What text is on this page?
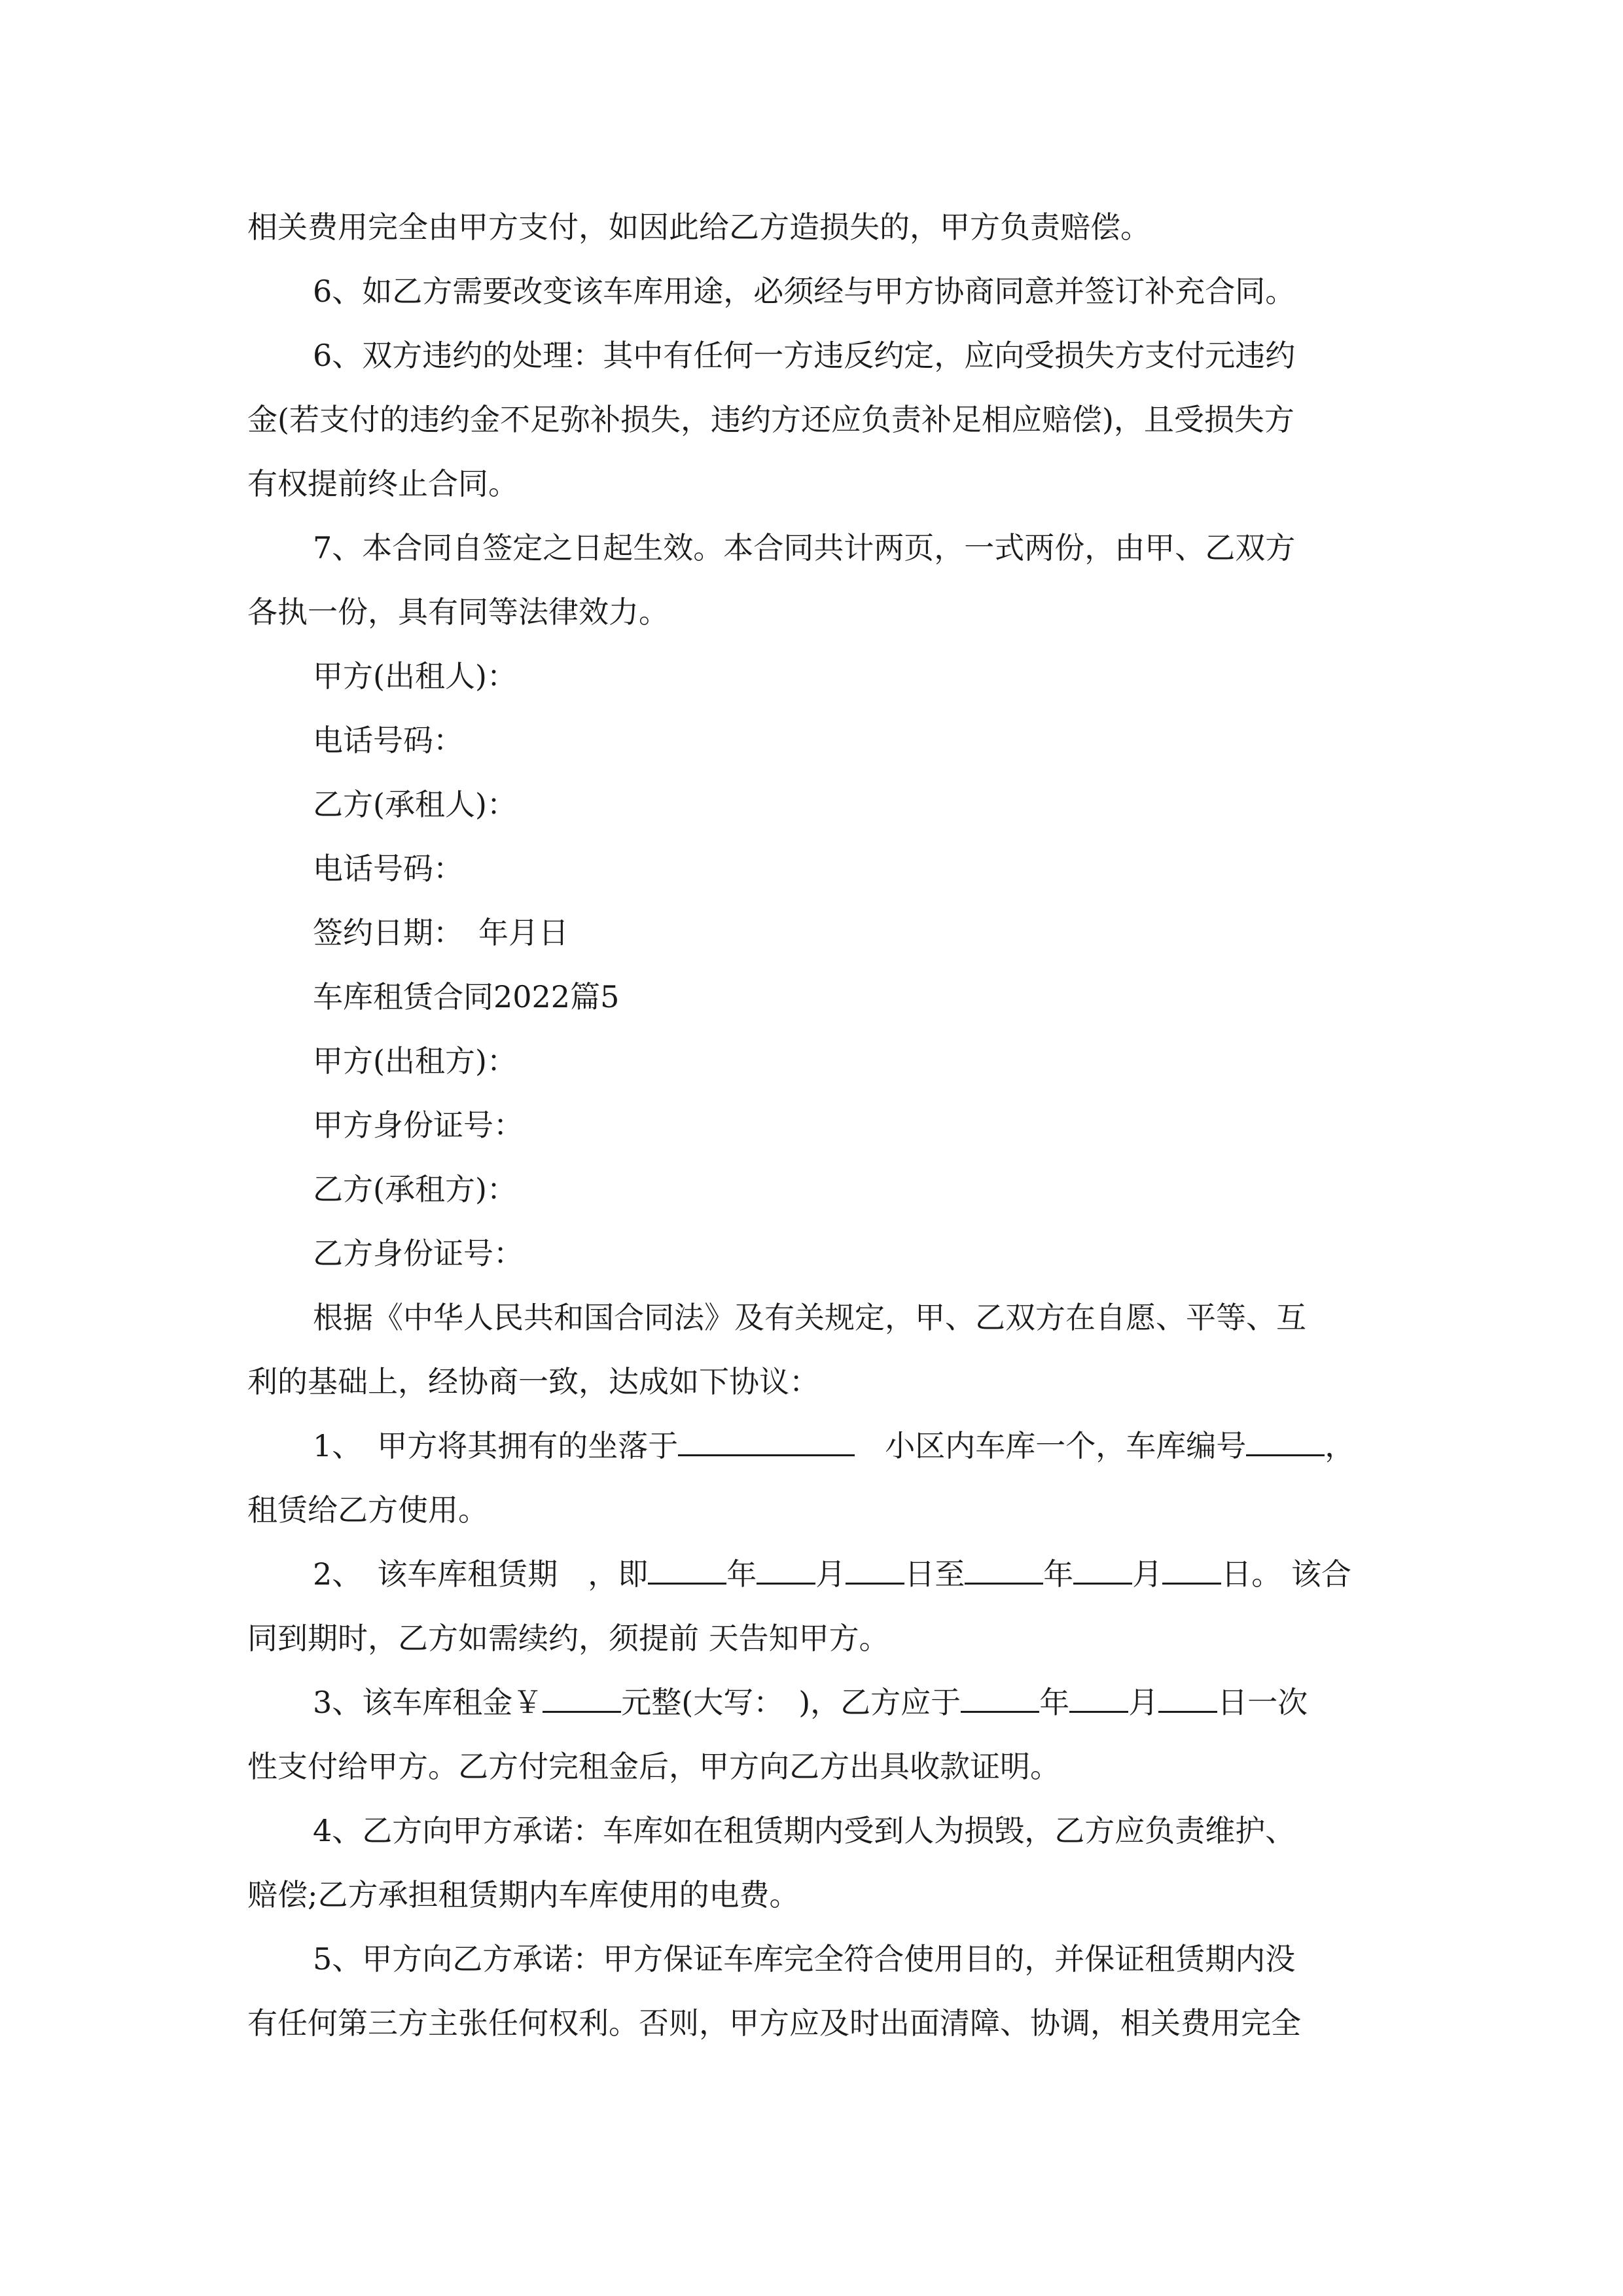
相关费用完全由甲方支付，如因此给乙方造损失的，甲方负责赔偿。
6、如乙方需要改变该车库用途，必须经与甲方协商同意并签订补充合同。
6、双方违约的处理：其中有任何一方违反约定，应向受损失方支付元违约
金(若支付的违约金不足弥补损失，违约方还应负责补足相应赔偿)，且受损失方
有权提前终止合同。
7、本合同自签定之日起生效。本合同共计两页，一式两份，由甲、乙双方
各执一份，具有同等法律效力。
甲方(出租人)：
电话号码：
乙方(承租人)：
电话号码：
签约日期：　年月日
车库租赁合同2022篇5
甲方(出租方)：
甲方身份证号：
乙方(承租方)：
乙方身份证号：
根据《中华人民共和国合同法》及有关规定，甲、乙双方在自愿、平等、互
利的基础上，经协商一致，达成如下协议：
1、　甲方将其拥有的坐落于	　小区内车库一个，车库编号	，
租赁给乙方使用。
2、　该车库租赁期　，即	年 月 日至	年 月 日。 该合
同到期时，乙方如需续约，须提前 天告知甲方。
3、该车库租金￥	元整(大写：　)，乙方应于	年 月 日一次
性支付给甲方。乙方付完租金后，甲方向乙方出具收款证明。
4、乙方向甲方承诺：车库如在租赁期内受到人为损毁，乙方应负责维护、
赔偿;乙方承担租赁期内车库使用的电费。
5、甲方向乙方承诺：甲方保证车库完全符合使用目的，并保证租赁期内没
有任何第三方主张任何权利。否则，甲方应及时出面清障、协调，相关费用完全
